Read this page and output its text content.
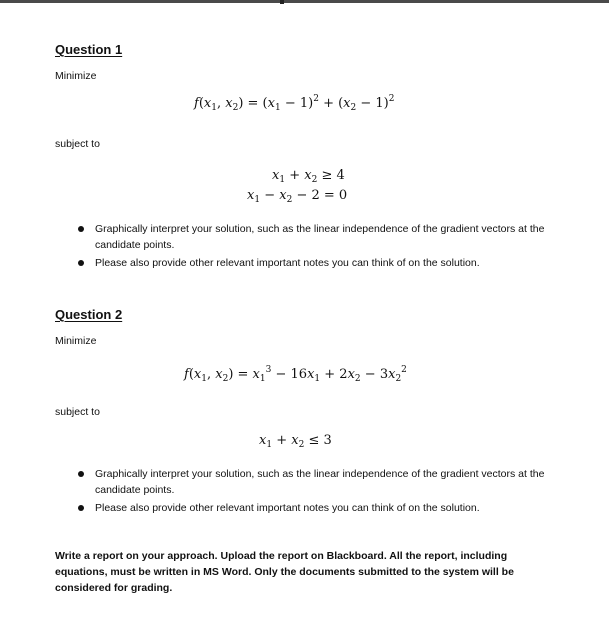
Question 1
Minimize
$f(x_1$, $x_2) = (x_1 - 1)^2 + (x_2 - 1)^2$
subject to
$x_1 + x_2 \ge 4$
$x_1 - x_2 - 2 = 0$
Graphically interpret your solution, such as the linear independence of the gradient vectors at the candidate points.
Please also provide other relevant important notes you can think of on the solution.
Question 2
Minimize
$f(x_1$, $x_2) = x_1^3 - 16x_1 + 2x_2 - 3x_2^2$
subject to
$x_1 + x_2 \le 3$
Graphically interpret your solution, such as the linear independence of the gradient vectors at the candidate points.
Please also provide other relevant important notes you can think of on the solution.
Write a report on your approach. Upload the report on Blackboard. All the report, including equations, must be written in MS Word. Only the documents submitted to the system will be considered for grading.
